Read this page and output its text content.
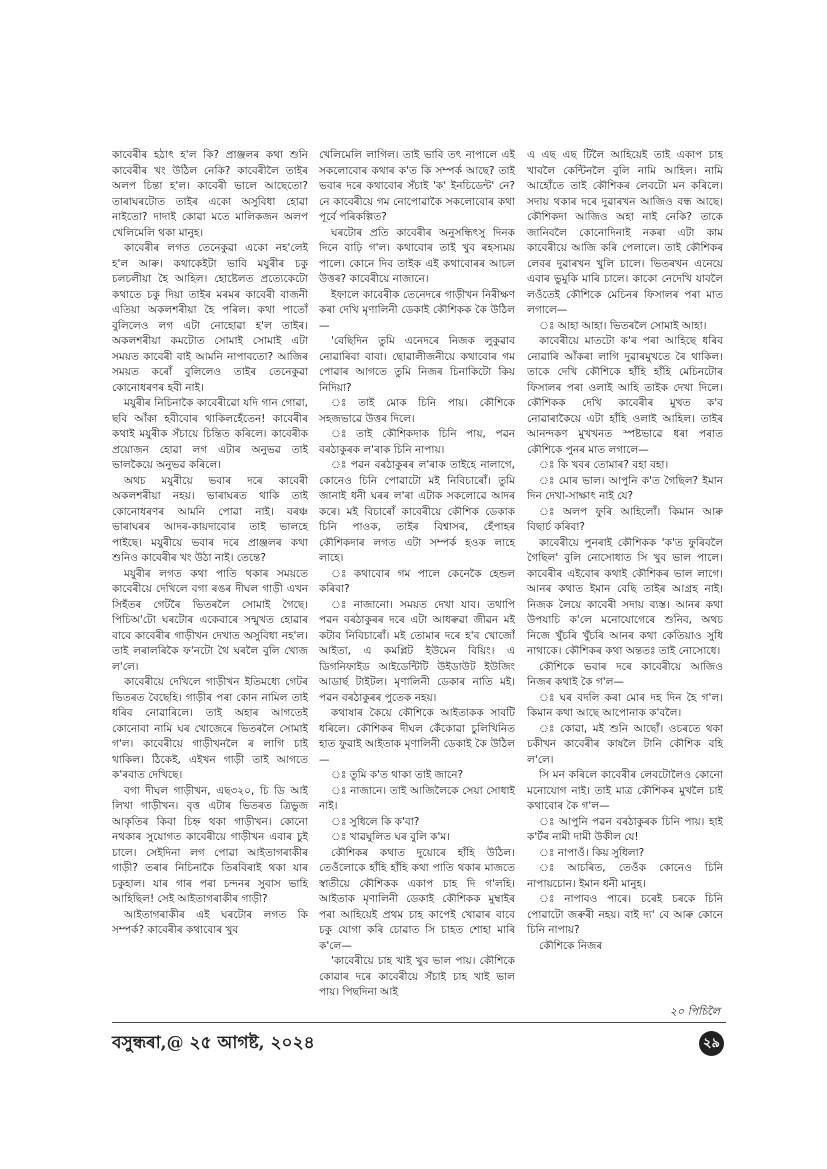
কাবেৰীৰ হঠাৎ হ'ল কি? প্ৰাঞ্জলৰ কথা শুনি কাবেৰীৰ খং উঠিল নেকি? কাবেৰীলৈ তাইৰ অলপ চিন্তা হ'ল। কাবেৰী ভালে আছেতো? তাৰাঘৰটোত তাইৰ একো অসুবিধা হোৱা নাইতো? দাদাই কোৱা মতে মালিকজন অলপ খেলিমেলি থকা মানুহ।

কাবেৰীৰ লগত তেনেকুৱা একো নহ'লেই হ'ল আৰু। কথাকেইটা ভাবি মযুৰীৰ চকু চলচলীয়া হৈ আহিল। হোষ্টেলত প্ৰত্যেকেটো কথাতে চকু দিয়া তাইৰ মৰমৰ কাবেৰী বাজনী এতিয়া অকলশৰীয়া হৈ পৰিল। কথা পাতোঁ বুলিলেও লগ এটা নোহোৱা হ'ল তাইৰ। অকলশৰীয়া কমটোত সোমাই সোমাই এটা সময়ত কাবেৰী বাই আমনি নাপাবতো? আজিৰ সময়ত কৰোঁ বুলিলেও তাইৰ তেনেকুৱা কোনোধৰণৰ হবী নাই।

মযুৰীৰ নিচিনাকৈ কাবেৰীৱো যদি গান গোৱা, ছবি আঁকা হবীবোৰ থাকিলহেঁতেন! কাবেৰীৰ কথাই মযুৰীক সঁচায়ে চিন্তিত কৰিলে। কাবেৰীক প্ৰয়োজন হোৱা লগ এটাৰ অনুভৱ তাই ভালকৈয়ে অনুভৱ কৰিলে।

অথচ মযুৰীয়ে ভবাৰ দৰে কাবেৰী অকলশৰীয়া নহয়। ভাৰাঘৰত থাকি তাই কোনোধৰণৰ আমনি পোৱা নাই। বৰঞ্চ ভাৰাঘৰৰ আদৰ-কায়দাবোৰ তাই ভালহে পাইছে। মযুৰীয়ে ভবাৰ দৰে প্ৰাঞ্জলৰ কথা শুনিও কাবেৰীৰ খং উঠা নাই। তেন্তে?

মযুৰীৰ লগত কথা পাতি থকাৰ সময়তে কাবেৰীয়ে দেখিলে বগা ৰঙৰ দীঘল গাড়ী এখন সিহঁতৰ গেটৰৈ ভিতৰলৈ সোমাই গৈছে। পিচিঅ'টো ঘৰটোৰ একেবাৰে সন্মুখত হোৱাৰ বাবে কাবেৰীৰ গাড়ীখন দেখাত অসুবিধা নহ'ল। তাই লৰালৰিকৈ ফ'নটো থৈ ঘৰলৈ বুলি খোজ ল'লে।

কাবেৰীয়ে দেখিলে গাড়ীখন ইতিমধ্যে গেটৰ ভিতৰত বৈছেহি। গাড়ীৰ পৰা কোন নামিল তাই ধৰিব নোৱাৰিলে। তাই অহাৰ আগতেই কোনোবা নামি ঘৰ খোজেৰে ভিতৰলৈ সোমাই গ'ল। কাবেৰীয়ে গাড়ীখনলৈ ৰ লাগি চাই থাকিল। ঠিকেই, এইখন গাড়ী তাই আগতে ক'ৰবাত দেখিছে।

বগা দীঘল গাড়ীখন, এছ৩২০, চি ডি আই লিখা গাড়ীখন। বৃত্ত এটাৰ ভিতৰত ত্ৰিভুজ আকৃতিৰ কিবা চিহ্ন থকা গাড়ীখন। কোনো নথকাৰ সুযোগত কাবেৰীয়ে গাড়ীখন এবাৰ চুই চালে। সেইদিনা লগ পোৱা আইতাগৰাকীৰ গাড়ী? তৰাৰ নিচিনাকৈ তিৰবিৰাই থকা যাৰ চকুহাল। যাৰ গাৰ পৰা চন্দনৰ সুবাস ভাহি আহিছিল! সেই আইতাগৰাকীৰ গাড়ী?

আইতাগৰাকীৰ এই ঘৰটোৰ লগত কি সম্পৰ্ক? কাবেৰীৰ কথাবোৰ খুব

খেলিমেলি লাগিল। তাই ভাবি তৎ নাপালে এই সকলোবোৰ কথাৰ ক'ত কি সম্পৰ্ক আছে? তাই ভবাৰ দৰে কথাবোৰ সঁচাই 'ক' ইনচিডেন্ট' নে? নে কাবেৰীয়ে গম নোপোৱাকৈ সকলোবোৰ কথা পূৰ্বে পৰিকল্পিত?

ঘৰটোৰ প্ৰতি কাবেৰীৰ অনুসন্ধিৎসু দিনক দিনে বাঢ়ি গ'ল। কথাবোৰ তাই খুব ৰহস্যময় পালে। কোনে দিব তাইক এই কথাবোৰৰ আচল উত্তৰ? কাবেৰীয়ে নাজানে।

ইফালে কাবেৰীক তেনেদৰে গাড়ীখন নিৰীক্ষণ কৰা দেখি মৃণালিনী ডেকাই কৌশিকক কৈ উঠিল—

'বেছিদিন তুমি এনেদৰে নিজক লুকুৱাব নোৱাৰিবা বাবা। ছোৱালীজনীয়ে কথাবোৰ গম পোৱাৰ আগতে তুমি নিজৰ চিনাকিটো কিয় নিদিয়া?

ঃ তাই মোক চিনি পায়। কৌশিকে সহজভাৱে উত্তৰ দিলে।

ঃ তাই কৌশিকদাক চিনি পায়, পৱন বৰঠাকুৰক ল'ৰাক চিনি নাপায়।

ঃ পৱন বৰঠাকুৰৰ ল'ৰাক তাইহে নালাগে, কোনেও চিনি পোৱাটো মই নিবিচাৰোঁ। তুমি জানাই ধনী ঘৰৰ ল'ৰা এটাক সকলোৱে আদৰ কৰে। মই বিচাৰোঁ কাবেৰীয়ে কৌশিক ডেকাক চিনি পাওক, তাইৰ বিশ্বাসৰ, হেঁপাহৰ কৌশিকদাৰ লগত এটা সম্পৰ্ক হওক লাহে লাহে।

ঃ কথাবোৰ গম পালে কেনেকৈ হেন্ডল কৰিবা?

ঃ নাজানো। সময়ত দেখা যাব। তথাপি পৱন বৰঠাকুৰৰ দৰে এটা আধৰুৱা জীৱন মই কটাব নিবিচাৰোঁ। মই তোমাৰ দৰে হ'ব খোজোঁ আইতা, এ কমপ্লিট ইউমেন বিয়িং। এ ডিগনিফাইড আইডেন্টিটি উইডাউট ইউজিং আডাৰ্ছ টাইটল। মৃণালিনী ডেকাৰ নাতি মই। পৱন বৰঠাকুৰৰ পুতেক নহয়।

কথাষাৰ কৈয়ে কৌশিকে আইতাকক সাবটি ধৰিলে। কৌশিকৰ দীঘল কেঁকোৱা চুলিখিনিত হাত ফুৱাই আইতাক মৃণালিনী ডেকাই কৈ উঠিল—

ঃ তুমি ক'ত থাকা তাই জানে?

ঃ নাজানে। তাই আজিলৈকে সেয়া সোধাই নাই।

ঃ সুধিলে কি ক'বা?

ঃ খাৱঘুলিত ঘৰ বুলি ক'ম।

কৌশিকৰ কথাত দুয়োৰে হাঁহি উঠিল। তেওঁলোকে হাঁহি হাঁহি কথা পাতি থকাৰ মাজতে স্বাতীয়ে কৌশিকক একাপ চাহ দি গ'লহি। আইতাক মৃণালিনী ডেকাই কৌশিকক মুম্বাইৰ পৰা আহিয়েই প্ৰথম চাহ কাপেই খোৱাৰ বাবে চকু যোগা কৰি চোৱাত সি চাহত শোহা মাৰি ক'লে—

'কাবেৰীয়ে চাহ খাই খুব ভাল পায়। কৌশিকে কোৱাৰ দৰে কাবেৰীয়ে সঁচাই চাহ খাই ভাল পায়। পিছদিনা আই

এ এছ এছ টিলৈ আহিয়েই তাই একাপ চাহ খাবলৈ কেন্টিনলৈ বুলি নামি আহিল। নামি আহোঁতে তাই কৌশিকৰ লেবটো মন কৰিলে। সদায় থকাৰ দৰে দুৱাৰখন আজিও বন্ধ আছে। কৌশিকদা আজিও অহা নাই নেকি? তাকে জানিবলৈ কোনোদিনাই নকৰা এটা কাম কাবেৰীয়ে আজি কৰি পেলালে। তাই কৌশিকৰ লেবৰ দুৱাৰখন খুলি চালে। ভিতৰখন এনেয়ে এবাৰ ভুমুকি মাৰি চালে। কাকো নেদেখি যাবলৈ লওঁতেই কৌশিকে মেচিনৰ ফিসালৰ পৰা মাত লগালে—

ঃ আহা আহা। ভিতৰলৈ সোমাই আহা।

কাবেৰীয়ে মাতটো ক'ৰ পৰা আহিছে ধৰিব নোৱাৰি আঁকৰা লাগি দুৱাৰমুখতে ৰৈ থাকিল। তাকে দেখি কৌশিকে হাঁহি হাঁহি মেচিনটোৰ ফিসালৰ পৰা ওলাই আহি তাইক দেখা দিলে। কৌশিকক দেখি কাবেৰীৰ মুখত ক'ব নোৱাৰাকৈয়ে এটা হাঁহি ওলাই আহিল। তাইৰ আনন্দকণ মুখখনত স্পষ্টভাৱে ধৰা পৰাত কৌশিকে পুনৰ মাত লগালে—

ঃ কি খবৰ তোমাৰ? বহা বহা।

ঃ মোৰ ভাল। আপুনি ক'ত গৈছিল? ইমান দিন দেখা-সাক্ষাৎ নাই যে?

ঃ অলপ ফুৰি আহিলোঁ। কিমান আৰু বিছাৰ্চ কৰিবা?

কাবেৰীয়ে পুনৰাই কৌশিকক 'ক'ত ফুৰিবলৈ গৈছিল' বুলি নোসোধাত সি খুব ভাল পালে। কাবেৰীৰ এইবোৰ কথাই কৌশিকৰ ভাল লাগে। আনৰ কথাত ইমান বেছি তাইৰ আগ্ৰহ নাই। নিজক লৈয়ে কাবেৰী সদায় ব্যস্ত। আনৰ কথা উপযাচি ক'লে মনোযোগেৰে শুনিব, অথচ নিজে খুঁচৰি খুঁচৰি আনৰ কথা কেতিয়াও সুধি নাথাকে। কৌশিকৰ কথা অন্ততঃ তাই নোসোধে।

কৌশিকে ভবাৰ দৰে কাবেৰীয়ে আজিও নিজৰ কথাই কৈ গ'ল—

ঃ ঘৰ বদলি কৰা মোৰ দহ দিন হৈ গ'ল। কিমান কথা আছে আপোনাক ক'বলৈ।

ঃ কোৱা, মই শুনি আছোঁ। ওচৰতে থকা চকীখন কাবেৰীৰ কাষলৈ টানি কৌশিক বহি ল'লে।

সি মন কৰিলে কাবেৰীৰ লেবটোলৈও কোনো মনোযোগ নাই। তাই মাত্ৰ কৌশিকৰ মুখলৈ চাই কথাবোৰ কৈ গ'ল—

ঃ আপুনি পৱন বৰঠাকুৰক চিনি পায়। হাই ক'ৰ্টৰ নামী দামী উকীল যে!

ঃ নাপাওঁ। কিয় সুধিলা?

ঃ আচৰিত, তেওঁক কোনেও চিনি নাপায়চোন। ইমান ধনী মানুহ।

ঃ নাপাবও পাৰে। চৰেই চৰকে চিনি পোৱাটো জৰুৰী নহয়। বাই দ্য' বে আৰু কোনে চিনি নাপায়?

কৌশিকে নিজৰ

২০ পিচিলৈ
বসুন্ধৰা,@ ২৫ আগষ্ট, ২০২৪	২৯
